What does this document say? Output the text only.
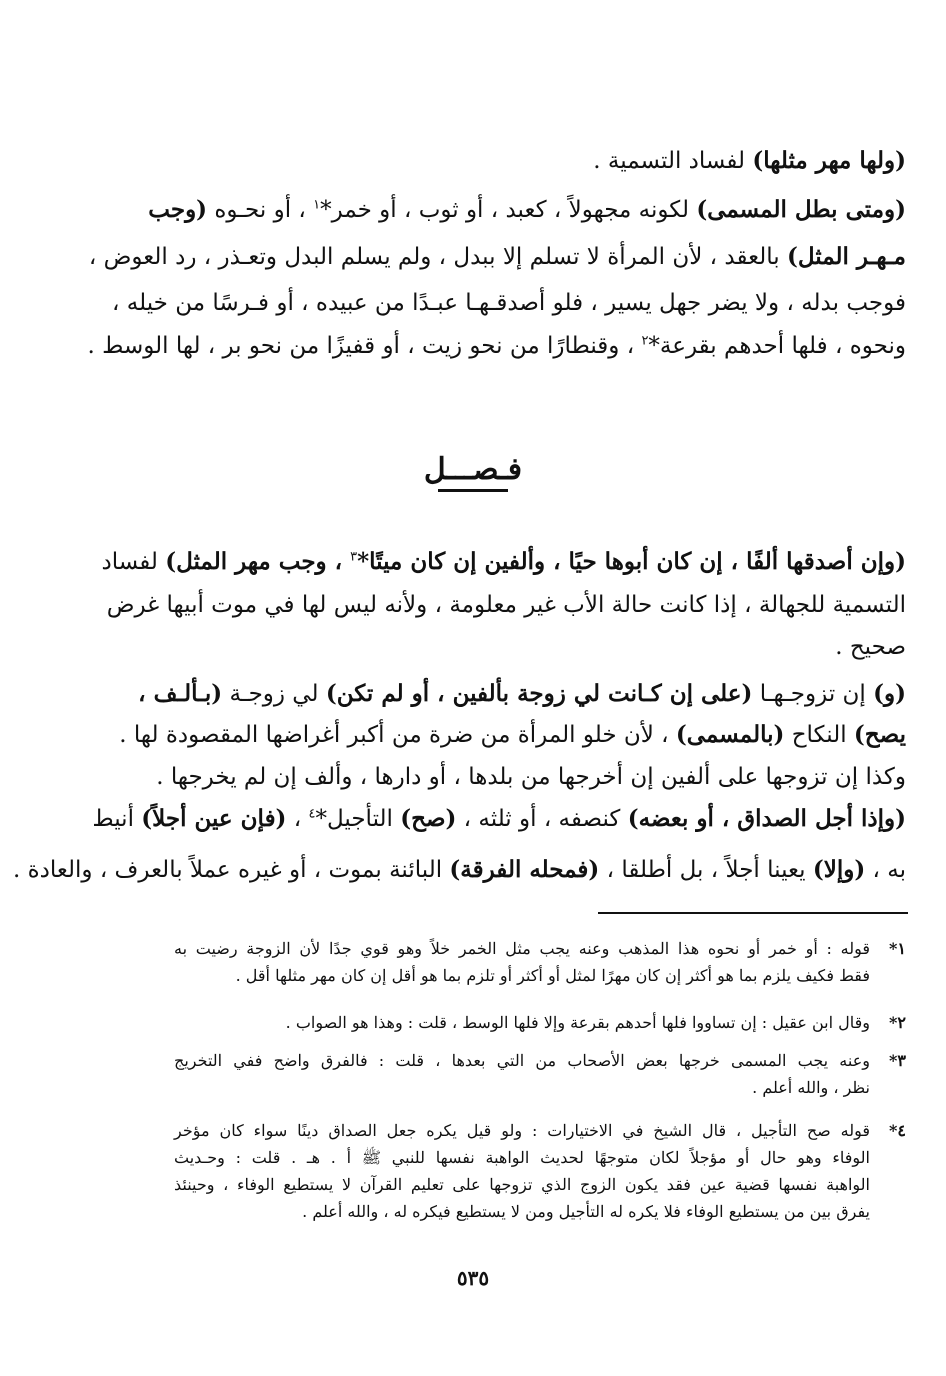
(ولها مهر مثلها) لفساد التسمية .
(ومتى بطل المسمى) لكونه مجهولاً ، كعبد ، أو ثوب ، أو خمر*$^١$ ، أو نحـوه (وجب
مـهـر المثل) بالعقد ، لأن المرأة لا تسلم إلا ببدل ، ولم يسلم البدل وتعـذر ، رد العوض ،
فوجب بدله ، ولا يضر جهل يسير ، فلو أصدقـهـا عبـدًا من عبيده ، أو فـرسًا من خيله ،
ونحوه ، فلها أحدهم بقرعة*$^٢$ ، وقنطارًا من نحو زيت ، أو قفيزًا من نحو بر ، لها الوسط .
فـصـــل
(وإن أصدقها ألفًا ، إن كان أبوها حيًا ، وألفين إن كان ميتًا*$^٣$ ، وجب مهر المثل) لفساد
التسمية للجهالة ، إذا كانت حالة الأب غير معلومة ، ولأنه ليس لها في موت أبيها غرض
صحيح .
(و) إن تزوجـهـا (على إن كـانت لي زوجة بألفين ، أو لم تكن) لي زوجـة (بـألـف ،
يصح) النكاح (بالمسمى) ، لأن خلو المرأة من ضرة من أكبر أغراضها المقصودة لها .
وكذا إن تزوجها على ألفين إن أخرجها من بلدها ، أو دارها ، وألف إن لم يخرجها .
(وإذا أجل الصداق ، أو بعضه) كنصفه ، أو ثلثه ، (صح) التأجيل*$^٤$ ، (فإن عين أجلاً) أنيط
به ، (وإلا) يعينا أجلاً ، بل أطلقا ، (فمحله الفرقة) البائنة بموت ، أو غيره عملاً بالعرف ، والعادة .
١*
قوله : أو خمر أو نحوه هذا المذهب وعنه يجب مثل الخمر خلاً وهو قوي جدًا لأن الزوجة رضيت به
فقط فكيف يلزم بما هو أكثر إن كان مهرًا لمثل أو أكثر أو تلزم بما هو أقل إن كان مهر مثلها أقل .
٢*
وقال ابن عقيل : إن تساووا فلها أحدهم بقرعة وإلا فلها الوسط ، قلت : وهذا هو الصواب .
٣*
وعنه يجب المسمى خرجها بعض الأصحاب من التي بعدها ، قلت : فالفرق واضح ففي التخريج
نظر ، والله أعلم .
٤*
قوله صح التأجيل ، قال الشيخ في الاختيارات : ولو قيل يكره جعل الصداق دينًا سواء كان مؤخر
الوفاء وهو حال أو مؤجلاً لكان متوجهًا لحديث الواهبة نفسها للنبي ﷺ أ . هـ . قلت : وحـديث
الواهبة نفسها قضية عين فقد يكون الزوج الذي تزوجها على تعليم القرآن لا يستطيع الوفاء ، وحينئذ
يفرق بين من يستطيع الوفاء فلا يكره له التأجيل ومن لا يستطيع فيكره له ، والله أعلم .
٥٣٥
